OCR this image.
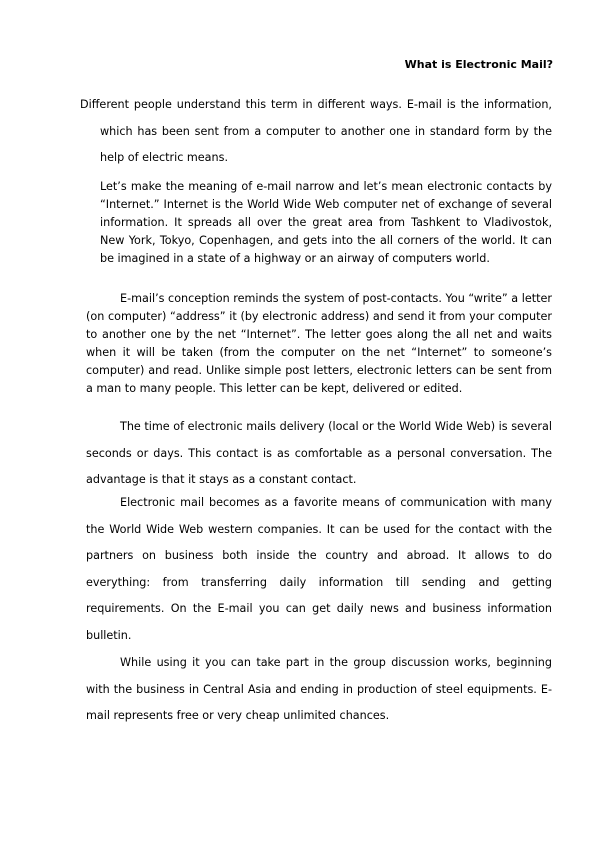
What is Electronic Mail?

Different people understand this term in different ways. E-mail is the information, which has been sent from a computer to another one in standard form by the help of electric means.

Let’s make the meaning of e-mail narrow and let’s mean electronic contacts by “Internet.” Internet is the World Wide Web computer net of exchange of several information. It spreads all over the great area from Tashkent to Vladivostok, New York, Tokyo, Copenhagen, and gets into the all corners of the world. It can be imagined in a state of a highway or an airway of computers world.

E-mail’s conception reminds the system of post-contacts. You “write” a letter (on computer) “address” it (by electronic address) and send it from your computer to another one by the net “Internet”. The letter goes along the all net and waits when it will be taken (from the computer on the net “Internet” to someone’s computer) and read. Unlike simple post letters, electronic letters can be sent from a man to many people. This letter can be kept, delivered or edited.

The time of electronic mails delivery (local or the World Wide Web) is several seconds or days. This contact is as comfortable as a personal conversation. The advantage is that it stays as a constant contact.

Electronic mail becomes as a favorite means of communication with many the World Wide Web western companies. It can be used for the contact with the partners on business both inside the country and abroad. It allows to do everything: from transferring daily information till sending and getting requirements. On the E-mail you can get daily news and business information bulletin.

While using it you can take part in the group discussion works, beginning with the business in Central Asia and ending in production of steel equipments. E-mail represents free or very cheap unlimited chances.
